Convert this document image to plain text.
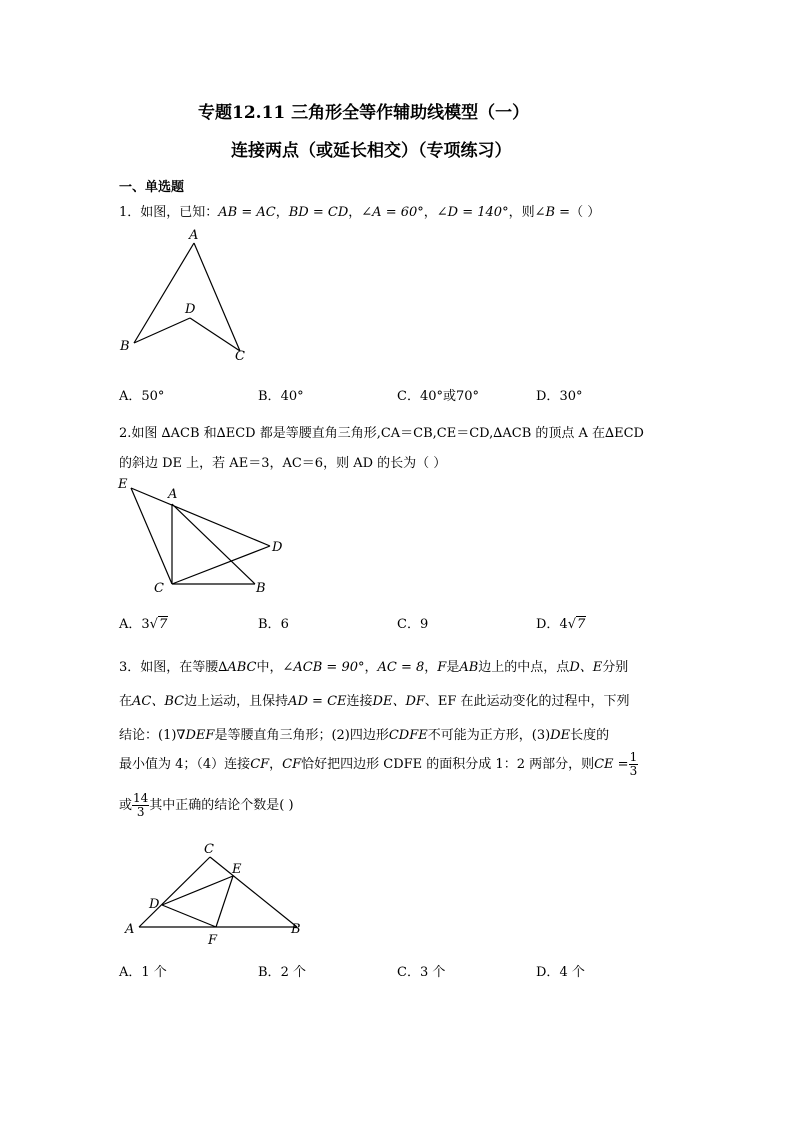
专题12.11 三角形全等作辅助线模型（一）
连接两点（或延长相交）（专项练习）
一、单选题
1．如图，已知：AB = AC，BD = CD，∠A = 60°，∠D = 140°，则∠B =（ ）
A
B
C
D
A．50°	B．40°	C．40°或70°	D．30°
2.如图 ∆ACB 和∆ECD 都是等腰直角三角形,CA＝CB,CE＝CD,∆ACB 的顶点 A 在∆ECD
的斜边 DE 上，若 AE＝3，AC＝6，则 AD 的长为（ ）
E
A
D
C	B
A．3√7	B．6	C．9	D．4√7
3．如图，在等腰∆ABC中，∠ACB = 90°，AC = 8，F是AB边上的中点，点D、E分别
在AC、BC边上运动，且保持AD = CE连接DE、DF、EF 在此运动变化的过程中，下列
结论：(1)∇DEF是等腰直角三角形；(2)四边形CDFE不可能为正方形，(3)DE长度的
最小值为 4；（4）连接CF，CF恰好把四边形 CDFE 的面积分成 1：2 两部分，则CE = $\frac{1}{3}$
或 $\frac{14}{3}$ 其中正确的结论个数是( )
C
E
D
A
F
B
A．1 个	B．2 个	C．3 个	D．4 个
